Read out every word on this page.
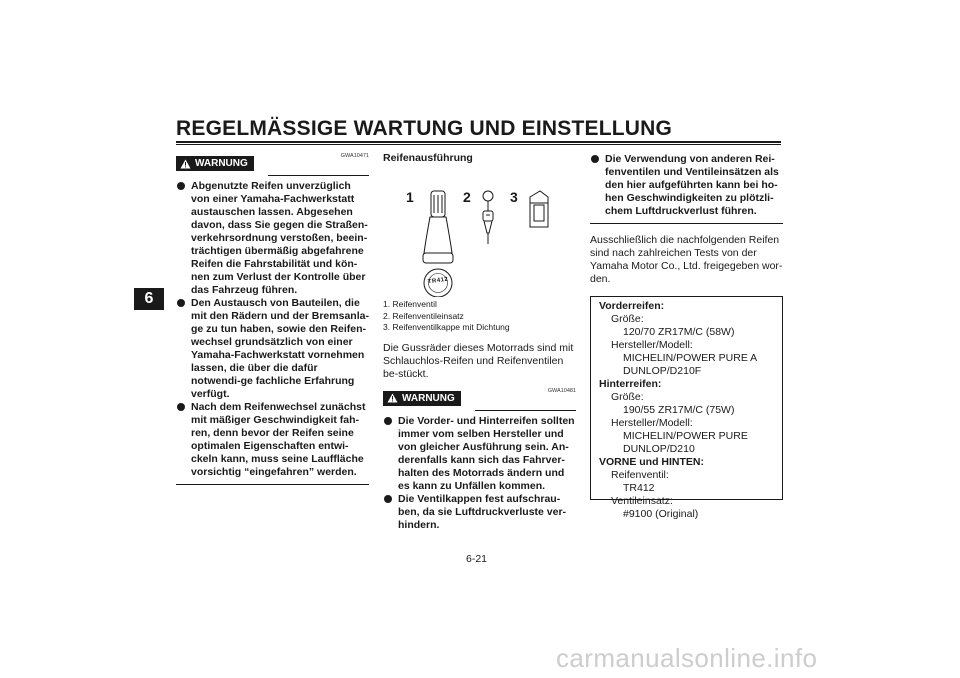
REGELMÄSSIGE WARTUNG UND EINSTELLUNG
6
WARNUNG
GWA10471
Abgenutzte Reifen unverzüglich von einer Yamaha-Fachwerkstatt austauschen lassen. Abgesehen davon, dass Sie gegen die Straßen-verkehrsordnung verstoßen, beein-trächtigen übermäßig abgefahrene Reifen die Fahrstabilität und kön-nen zum Verlust der Kontrolle über das Fahrzeug führen.
Den Austausch von Bauteilen, die mit den Rädern und der Bremsanla-ge zu tun haben, sowie den Reifen-wechsel grundsätzlich von einer Yamaha-Fachwerkstatt vornehmen lassen, die über die dafür notwendi-ge fachliche Erfahrung verfügt.
Nach dem Reifenwechsel zunächst mit mäßiger Geschwindigkeit fah-ren, denn bevor der Reifen seine optimalen Eigenschaften entwi-ckeln kann, muss seine Lauffläche vorsichtig “eingefahren” werden.
Reifenausführung
1	2	3
TR412
1. Reifenventil
2. Reifenventileinsatz
3. Reifenventilkappe mit Dichtung

Die Gussräder dieses Motorrads sind mit Schlauchlos-Reifen und Reifenventilen be-stückt.

WARNUNG
GWA10481
Die Vorder- und Hinterreifen sollten immer vom selben Hersteller und von gleicher Ausführung sein. An-derenfalls kann sich das Fahrver-halten des Motorrads ändern und es kann zu Unfällen kommen.
Die Ventilkappen fest aufschrau-ben, da sie Luftdruckverluste ver-hindern.
Die Verwendung von anderen Rei-fenventilen und Ventileinsätzen als den hier aufgeführten kann bei ho-hen Geschwindigkeiten zu plötzli-chem Luftdruckverlust führen.

Ausschließlich die nachfolgenden Reifen sind nach zahlreichen Tests von der Yamaha Motor Co., Ltd. freigegeben wor-den.

Vorderreifen:
Größe:
120/70 ZR17M/C (58W)
Hersteller/Modell:
MICHELIN/POWER PURE A
DUNLOP/D210F
Hinterreifen:
Größe:
190/55 ZR17M/C (75W)
Hersteller/Modell:
MICHELIN/POWER PURE
DUNLOP/D210
VORNE und HINTEN:
Reifenventil:
TR412
Ventileinsatz:
#9100 (Original)
6-21
carmanualsonline.info
